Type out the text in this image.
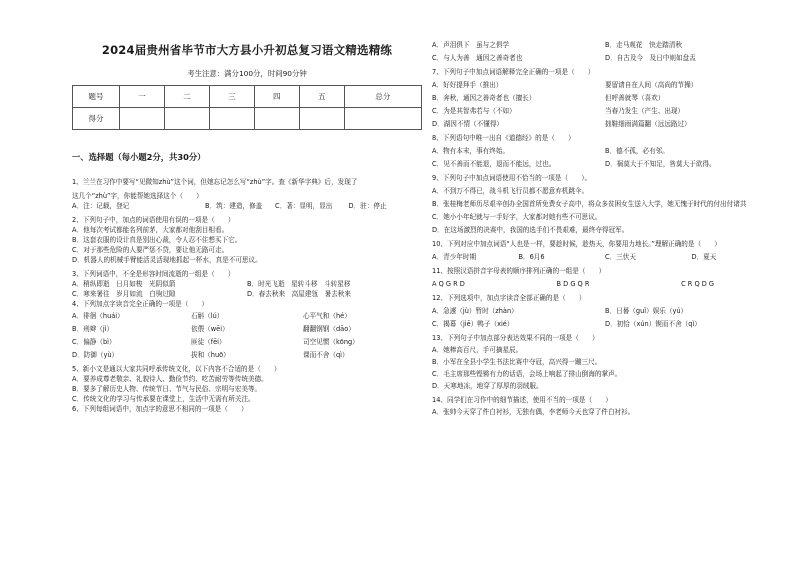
2024届贵州省毕节市大方县小升初总复习语文精选精练
考生注意：满分100分，时间90分钟
题号	一	二	三	四	五	总分
得分						
一、选择题（每小题2分，共30分）

1、兰兰在习作中要写“见微知zhù”这个词，但她忘记怎么写“zhù”字。查《新华字典》后，发现了

这几个“zhù”字，你能帮她选择这个（　　）

A．注：记载，登记	B．筑：建造，修盖	C．著：显明，显出	D．驻：停止

2、下列句子中，加点的词语使用有误的一项是（　　）

A．他每次考试都能名列前茅，大家都对他刮目相看。

B．这套衣服的设计真是别出心裁，令人忍不住想买下它。

C．对于那些危险的人要严惩不贷，要让他无路可走。

D．机器人的机械手臂能活灵活现地抓起一杯水，真是不可思议。

3、下列词语中，不全是形容时间流逝的一组是（　　）

A．稍纵即逝　日月如梭　光阴似箭	B．时光飞逝　星转斗移　斗转星移
C．寒来暑往　岁月如流　白驹过隙	D．春去秋来　高屋建瓴　暑去秋来

4、下列加点字读音完全正确的一项是（　　）

A．徘徊（huái）	石斛（lú）	心平气和（hé）
B．刑辫（jì）	依偎（wēi）	翻翻钢钢（dāo）
C．偏静（bì）	匪徒（fēi）	司空见惯（kōng）
D．防御（yù）	拔和（huō）	课而不舍（qì）

5、新小文是通以大家共同呼承传统文化，以下内容不合适的是（　　）

A．要养成尊老敬亲、礼貌待人、勤俭节约、吃苦耐劳等传统美德。

B．要多了解历史人物、传统节日、节气与民俗、宗明与宏美等。

C．传统文化的学习与传承要在课堂上，生活中无需有所关注。

6、下列每组词语中，加点字的意思不相同的一项是（　　）

A．声泪俱下　虽与之俱学	B．走马观花　快走踏清秋
C．与人为善　通因之善奇者也	D．自古及今　及日中则如盘盂

7、下列句子中加点词语解释完全正确的一项是（　　）

A．好好提拜手（推出）	要留请自在人间（高尚的节操）
B．奔秋，通因之善奇者也（擅长）	但呼善就琴（喜欢）
C．为是其智弗若与（不如）	当春乃发生（产生、出现）
D．湖因不情（不懂得）	拙鞋细雨满篇翻（远远路过）

8、下列语句中唯一出自《道德经》的是（　　）

A．物有本末，事有终始。	B．德不孤，必有邻。
C．见不善而不能退，退而不能远，过也。	D．祸莫大于不知足，咎莫大于欲得。

9、下列句子中加点词语使用不恰当的一项是（　　）。

A．不到万不得已，战斗机飞行员都不愿意弃机跳伞。

B．张桂梅老师历尽艰辛创办全国首所免费女子高中，将众多贫困女生送入大学，她无愧于时代的付出付诸共

C．她小小年纪就与一手好字，大家都对她有些不可思议。

D．在这场激烈的决赛中，我国的选手们不畏艰难，最终夺得冠军。

10、下列对应中加点词语“人也是一样，要趁时候，趁热天，你要用力地长。”理解正确的是（　　）

A．青少年时期	B．6月6	C．三伏天	D．夏天

11、按照汉语拼音字母表的顺序排列正确的一组是（　　）

A Q G R D	B D G Q R	C R Q D G

12、下列选项中，加点字读音全部正确的是（　　）

A．急遽（jù）暂时（zhàn）	B．日晷（guǐ）娱乐（yú）
C．揭幕（jiē）鸭子（xié）	D．初恰（xún）锲而不舍（qì）

13、下列句子中加点部分表达效果不同的一项是（　　）

A．她棒高百尺，手可摘星辰。

B．小军在全县小学生书法比赛中夺冠，高兴得一蹦三尺。

C．毛主席那些铿锵有力的话语，会场上响起了排山倒海的掌声。

D．天寒地冻，地穿了厚厚的羽绒服。

14、同学们在习作中的细节描述，使用不当的一项是（　　）

A．张帅今天穿了件白衬衫，无独有偶，李老师今天也穿了件白衬衫。
